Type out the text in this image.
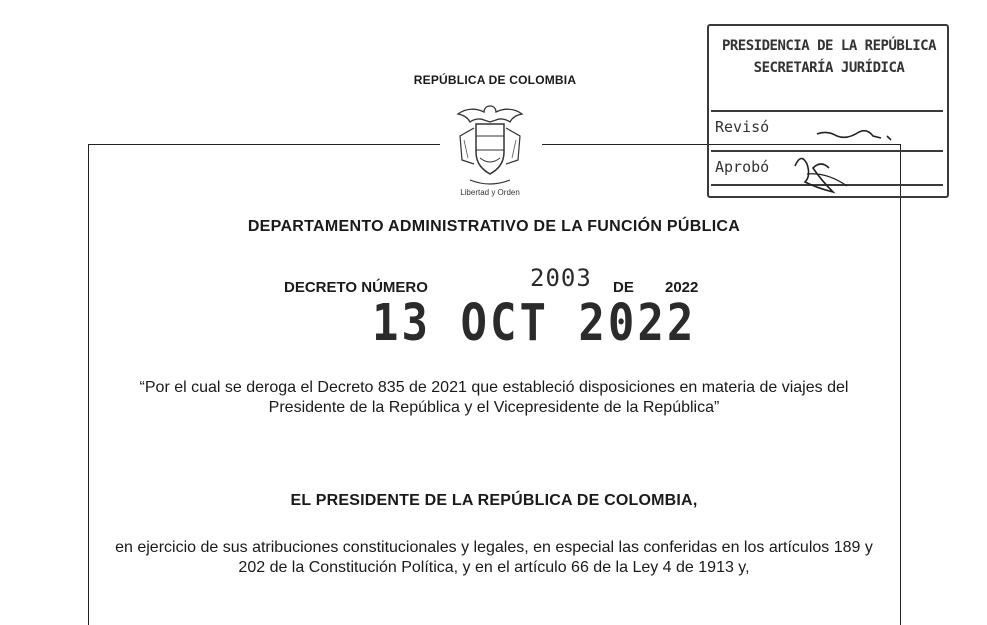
REPÚBLICA DE COLOMBIA
Libertad y Orden
DEPARTAMENTO ADMINISTRATIVO DE LA FUNCIÓN PÚBLICA
DECRETO NÚMERO	2003 DE 2022
13 OCT 2022
“Por el cual se deroga el Decreto 835 de 2021 que estableció disposiciones en materia de viajes del Presidente de la República y el Vicepresidente de la República”
EL PRESIDENTE DE LA REPÚBLICA DE COLOMBIA,
en ejercicio de sus atribuciones constitucionales y legales, en especial las conferidas en los artículos 189 y 202 de la Constitución Política, y en el artículo 66 de la Ley 4 de 1913 y,
PRESIDENCIA DE LA REPÚBLICA
SECRETARÍA JURÍDICA
Revisó
Aprobó
